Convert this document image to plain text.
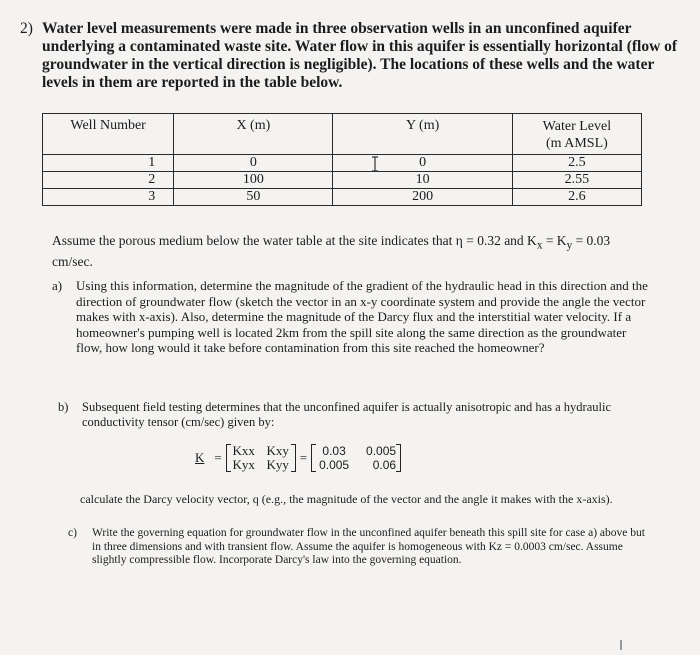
2) Water level measurements were made in three observation wells in an unconfined aquifer underlying a contaminated waste site. Water flow in this aquifer is essentially horizontal (flow of groundwater in the vertical direction is negligible). The locations of these wells and the water levels in them are reported in the table below.

Well Number	X (m)	Y (m)	Water Level
(m AMSL)
1	0	0	2.5
2	100	10	2.55
3	50	200	2.6

Assume the porous medium below the water table at the site indicates that η = 0.32 and $K_x = K_y = 0.03$ cm/sec.

a)	Using this information, determine the magnitude of the gradient of the hydraulic head in this direction and the direction of groundwater flow (sketch the vector in an x-y coordinate system and provide the angle the vector makes with x-axis). Also, determine the magnitude of the Darcy flux and the interstitial water velocity. If a homeowner's pumping well is located 2km from the spill site along the same direction as the groundwater flow, how long would it take before contamination from this site reached the homeowner?

b)	Subsequent field testing determines that the unconfined aquifer is actually anisotropic and has a hydraulic conductivity tensor (cm/sec) given by:

K = Kxx Kxy
Kyx Kyy =	0.03	0.005
0.005	0.06
calculate the Darcy velocity vector, q (e.g., the magnitude of the vector and the angle it makes with the x-axis).

c)	Write the governing equation for groundwater flow in the unconfined aquifer beneath this spill site for case a) above but in three dimensions and with transient flow. Assume the aquifer is homogeneous with Kz = 0.0003 cm/sec. Assume slightly compressible flow. Incorporate Darcy's law into the governing equation.
